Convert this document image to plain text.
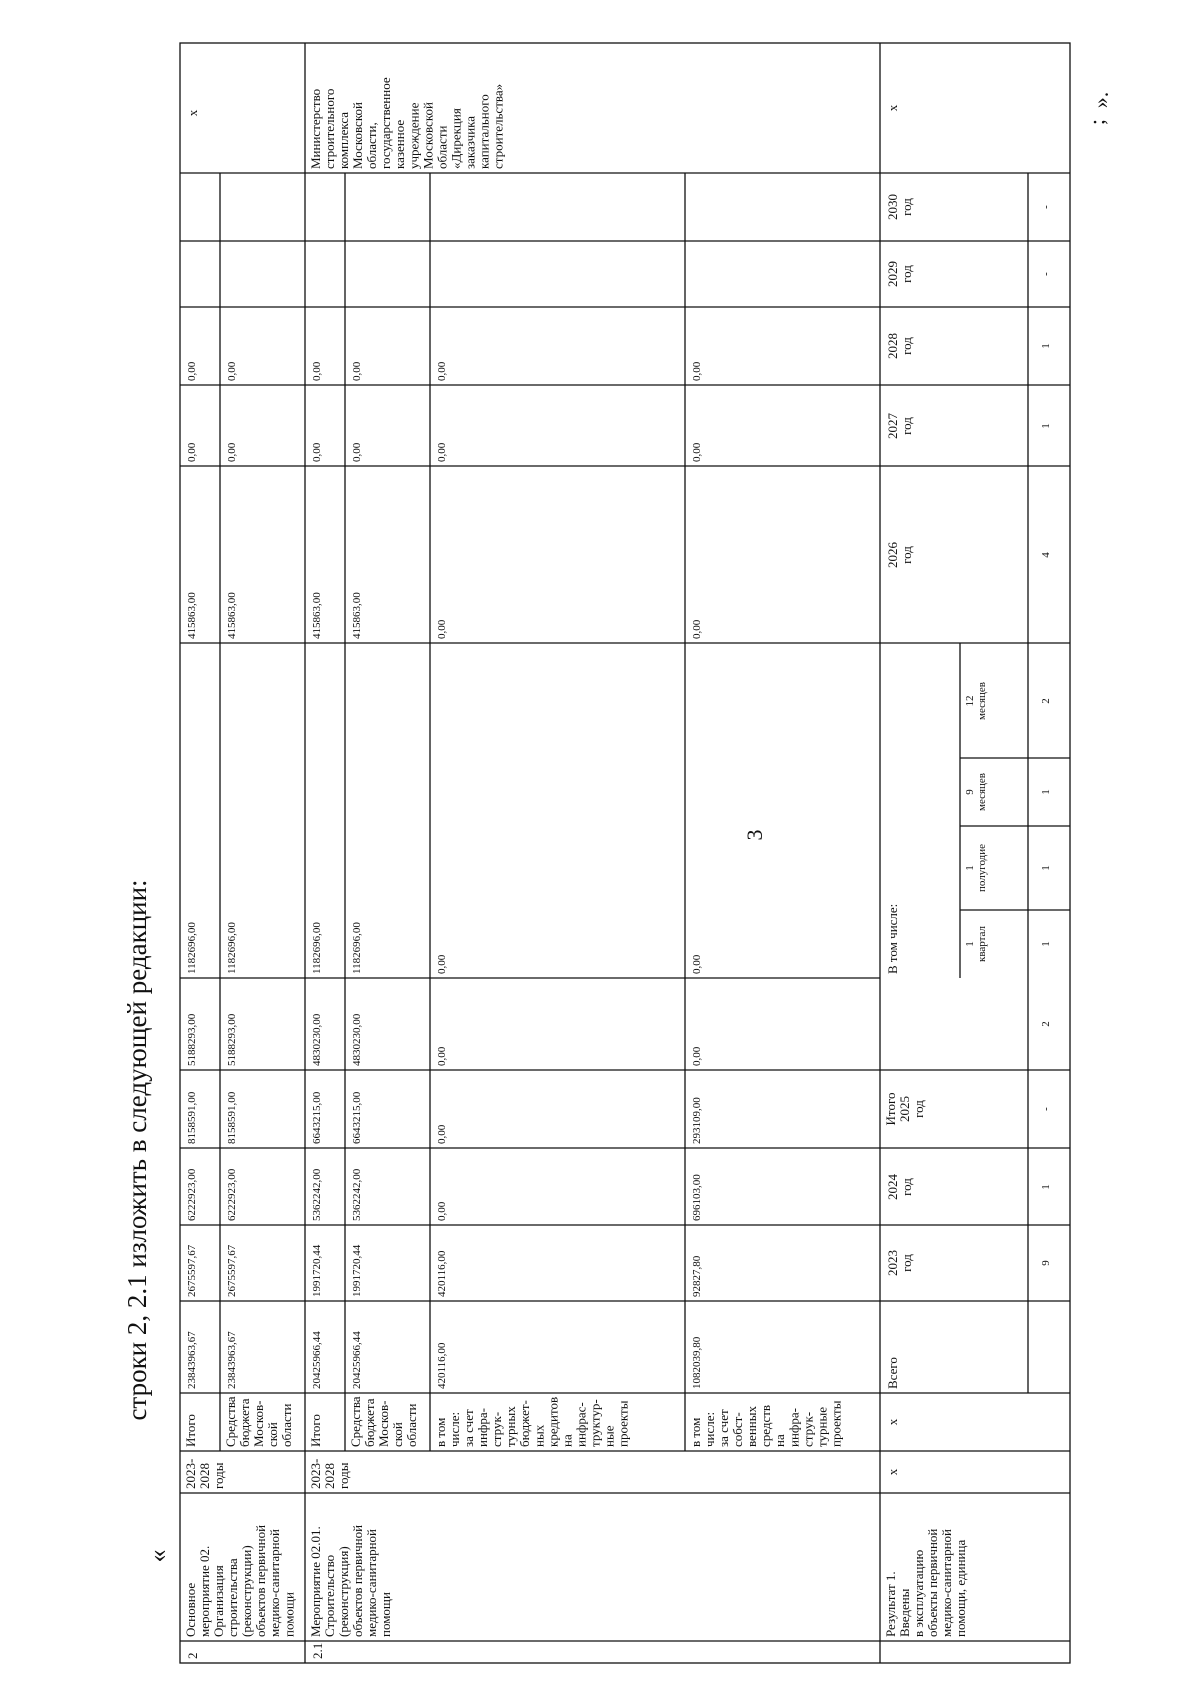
3
строки 2, 2.1 изложить в следующей редакции:
«
».
;
2
Основноемероприятие 02.Организациястроительства(реконструкции)объектов первичноймедико-санитарнойпомощи
2023-2028годы
x
Итого
23843963,67
2675597,67
6222923,00
8158591,00
5188293,00
1182696,00
415863,00
0,00
0,00
СредствабюджетаМосков-скойобласти
23843963,67
2675597,67
6222923,00
8158591,00
5188293,00
1182696,00
415863,00
0,00
0,00
2.1
Мероприятие 02.01.Строительство(реконструкция)объектов первичноймедико-санитарнойпомощи
2023-2028годы
МинистерствостроительногокомплексаМосковскойобласти,государственноеказенноеучреждениеМосковскойобласти«Дирекциязаказчикакапитальногостроительства»
Итого
20425966,44
1991720,44
5362242,00
6643215,00
4830230,00
1182696,00
415863,00
0,00
0,00
СредствабюджетаМосков-скойобласти
20425966,44
1991720,44
5362242,00
6643215,00
4830230,00
1182696,00
415863,00
0,00
0,00
в томчисле:за счетинфра-струк-турныхбюджет-ныхкредитовнаинфрас-труктур-ныепроекты
420116,00
420116,00
0,00
0,00
0,00
0,00
0,00
0,00
0,00
в томчисле:за счетсобст-венныхсредствнаинфра-струк-турныепроекты
1082039,80
92827,80
696103,00
293109,00
0,00
0,00
0,00
0,00
0,00
Результат 1.Введеныв эксплуатациюобъекты первичноймедико-санитарнойпомощи, единица
x
x
x
Всего
2023год
2024год
Итого2025год
В том числе:	1квартал
1полугодие
9месяцев
12месяцев
2026год
2027год
2028год
2029год
2030год
9
1
-
2
1
1
1
2
4
1
1
-
-
